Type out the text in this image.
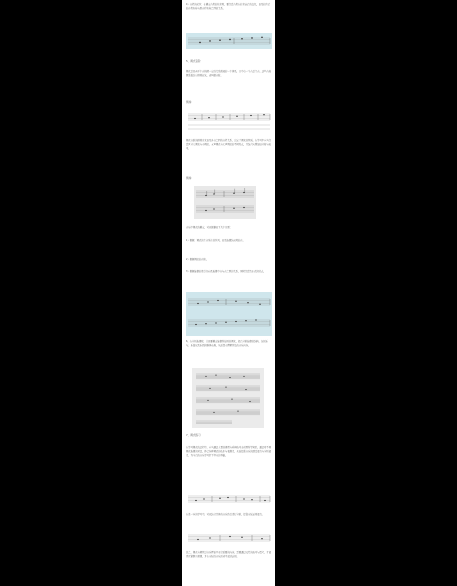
4）音程的转位：在确定音程的转位时，要注意音程在转位前后的变化，以及转位后的音程名称与原音程名称之间的关系。

5、调式音阶

调式是由若干个音按照一定的关系组成的一个体系，其中有一个音是主音。这些音按照高低次序排列起来，就叫做音阶。

例如：

调式音阶的排列方式以及各音之间的音程关系，决定了调式的性质。在学习中应当注意区分大调式与小调式、五声调式与七声调式的不同特点，并结合实例加以分析与练习。

例如：

音乐中调式的确定，可以根据以下几个方面：

1）根据：调式的主音所在的位置，以及旋律结束时的音。

2）根据调式的音阶。

3）根据旋律的进行方向及旋律中音与音之间的关系，同时注意终止式的特点。

6、在分析旋律时，首先要确定旋律所使用的调式，然后分析旋律的结构，包括乐句、乐段以及乐曲的整体布局，从而深入理解作品的音乐内容。

7、调式练习

在学习调式的过程中，应当通过大量的视唱与听辨练习来巩固所学知识。通过对不同调式旋律的对比，体会各种调式的色彩与表现力，从而提高音乐的感受能力与分析能力，为今后的音乐学习打下坚实的基础。

在进一步的学习中，可以结合具体的音乐作品进行分析，提高实际运用能力。

总之，调式与调性是音乐理论中非常重要的内容，需要通过反复的练习与思考，才能真正掌握其规律，并在实际的音乐活动中灵活运用。
